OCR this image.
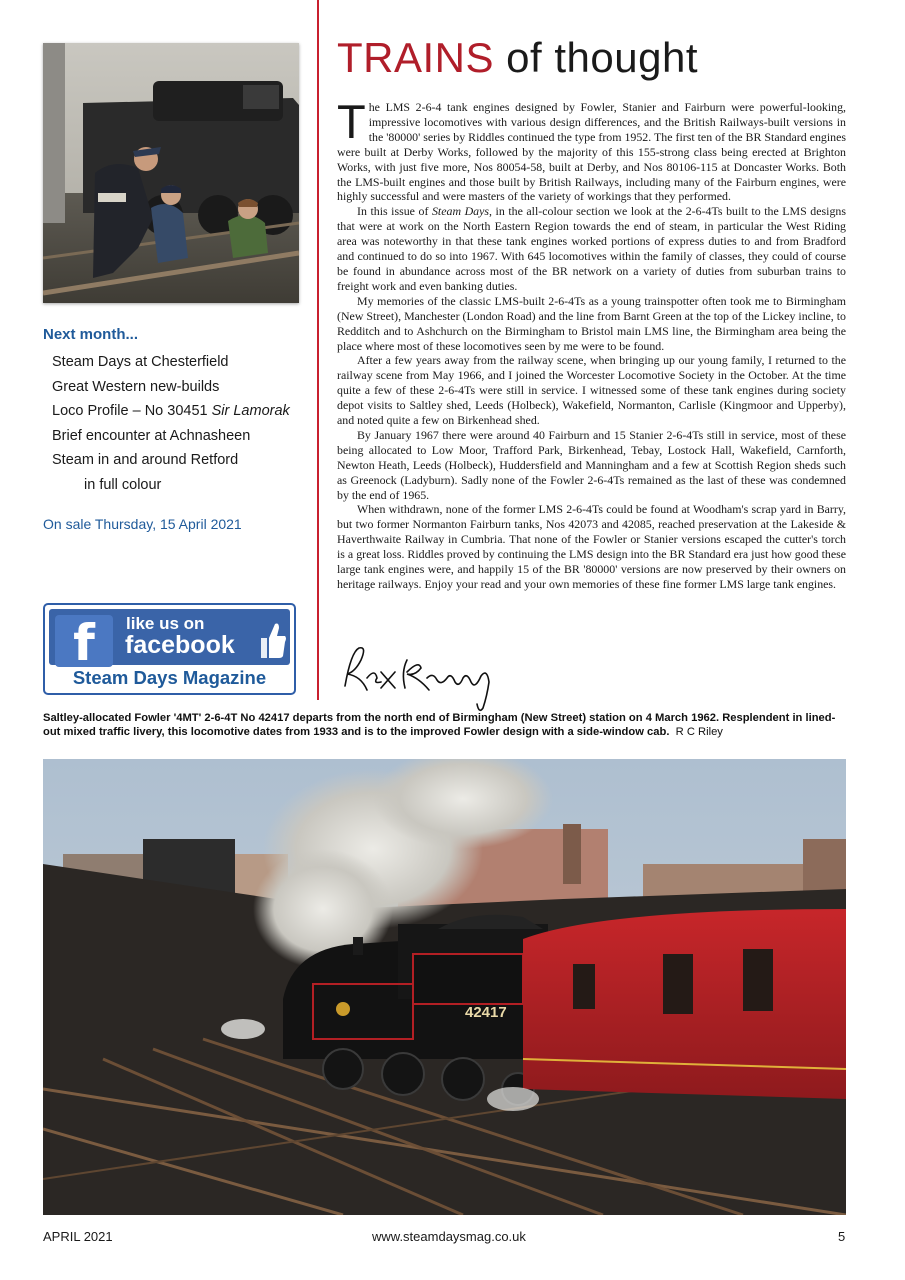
Next month...
Steam Days at Chesterfield
Great Western new-builds
Loco Profile – No 30451 Sir Lamorak
Brief encounter at Achnasheen
Steam in and around Retford
in full colour
On sale Thursday, 15 April 2021
f	like us on
facebook
Steam Days Magazine
TRAINS of thought

The LMS 2-6-4 tank engines designed by Fowler, Stanier and Fairburn were powerful-looking, impressive locomotives with various design differences, and the British Railways-built versions in the '80000' series by Riddles continued the type from 1952. The first ten of the BR Standard engines were built at Derby Works, followed by the majority of this 155-strong class being erected at Brighton Works, with just five more, Nos 80054-58, built at Derby, and Nos 80106-115 at Doncaster Works. Both the LMS-built engines and those built by British Railways, including many of the Fairburn engines, were highly successful and were masters of the variety of workings that they performed.

In this issue of Steam Days, in the all-colour section we look at the 2-6-4Ts built to the LMS designs that were at work on the North Eastern Region towards the end of steam, in particular the West Riding area was noteworthy in that these tank engines worked portions of express duties to and from Bradford and continued to do so into 1967. With 645 locomotives within the family of classes, they could of course be found in abundance across most of the BR network on a variety of duties from suburban trains to freight work and even banking duties.

My memories of the classic LMS-built 2-6-4Ts as a young trainspotter often took me to Birmingham (New Street), Manchester (London Road) and the line from Barnt Green at the top of the Lickey incline, to Redditch and to Ashchurch on the Birmingham to Bristol main LMS line, the Birmingham area being the place where most of these locomotives seen by me were to be found.

After a few years away from the railway scene, when bringing up our young family, I returned to the railway scene from May 1966, and I joined the Worcester Locomotive Society in the October. At the time quite a few of these 2-6-4Ts were still in service. I witnessed some of these tank engines during society depot visits to Saltley shed, Leeds (Holbeck), Wakefield, Normanton, Carlisle (Kingmoor and Upperby), and noted quite a few on Birkenhead shed.

By January 1967 there were around 40 Fairburn and 15 Stanier 2-6-4Ts still in service, most of these being allocated to Low Moor, Trafford Park, Birkenhead, Tebay, Lostock Hall, Wakefield, Carnforth, Newton Heath, Leeds (Holbeck), Huddersfield and Manningham and a few at Scottish Region sheds such as Greenock (Ladyburn). Sadly none of the Fowler 2-6-4Ts remained as the last of these was condemned by the end of 1965.

When withdrawn, none of the former LMS 2-6-4Ts could be found at Woodham's scrap yard in Barry, but two former Normanton Fairburn tanks, Nos 42073 and 42085, reached preservation at the Lakeside & Haverthwaite Railway in Cumbria. That none of the Fowler or Stanier versions escaped the cutter's torch is a great loss. Riddles proved by continuing the LMS design into the BR Standard era just how good these large tank engines were, and happily 15 of the BR '80000' versions are now preserved by their owners on heritage railways. Enjoy your read and your own memories of these fine former LMS large tank engines.

Saltley-allocated Fowler '4MT' 2-6-4T No 42417 departs from the north end of Birmingham (New Street) station on 4 March 1962. Resplendent in lined-out mixed traffic livery, this locomotive dates from 1933 and is to the improved Fowler design with a side-window cab. R C Riley
42417
APRIL 2021	www.steamdaysmag.co.uk	5
